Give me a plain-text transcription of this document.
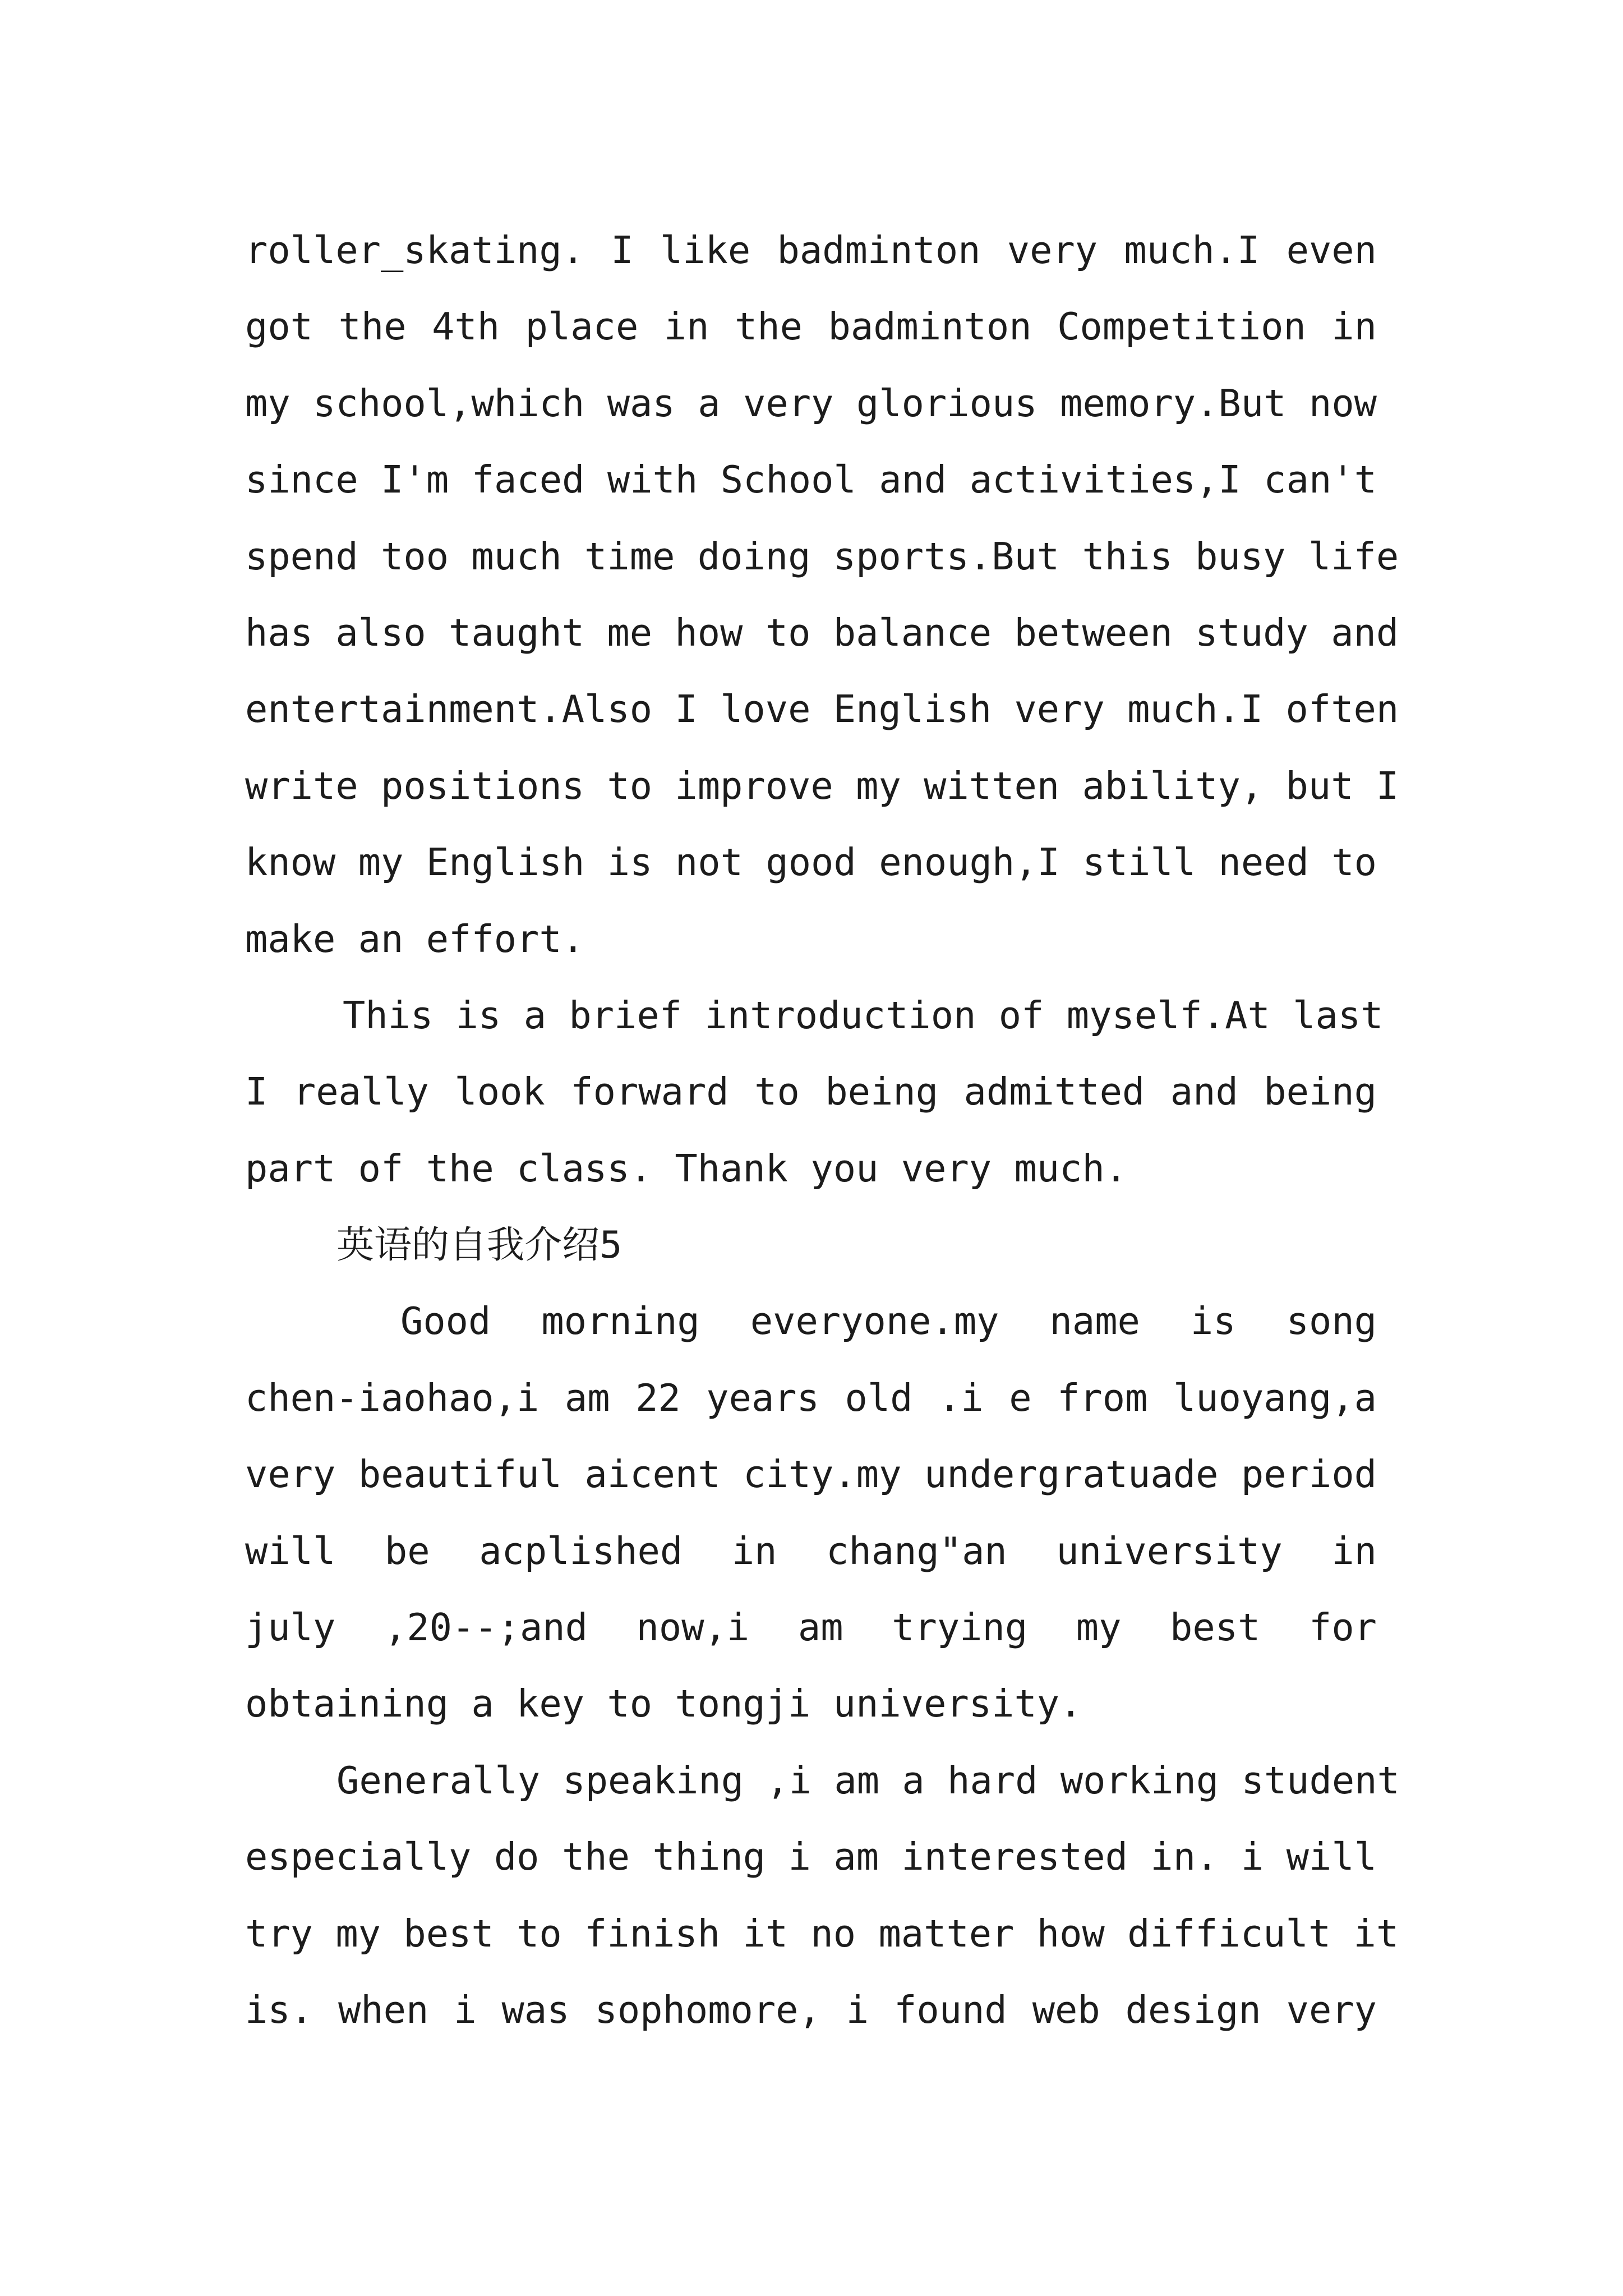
roller_skating. I like badminton very much.I even
got the 4th place in the badminton Competition in
my school,which was a very glorious memory.But now
since I'm faced with School and activities,I can't
spend too much time doing sports.But this busy life
has also taught me how to balance between study and
entertainment.Also I love English very much.I often
write positions to improve my witten ability, but I
know my English is not good enough,I still need to
make an effort.
This is a brief introduction of myself.At last
I really look forward to being admitted and being
part of the class. Thank you very much.
英语的自我介绍5
Good morning everyone.my name is song
chen-iaohao,i am 22 years old .i e from luoyang,a
very beautiful aicent city.my undergratuade period
will be acplished in chang"an university in
july ,20--;and now,i am trying my best for
obtaining a key to tongji university.
Generally speaking ,i am a hard working student
especially do the thing i am interested in. i will
try my best to finish it no matter how difficult it
is. when i was sophomore, i found web design very
